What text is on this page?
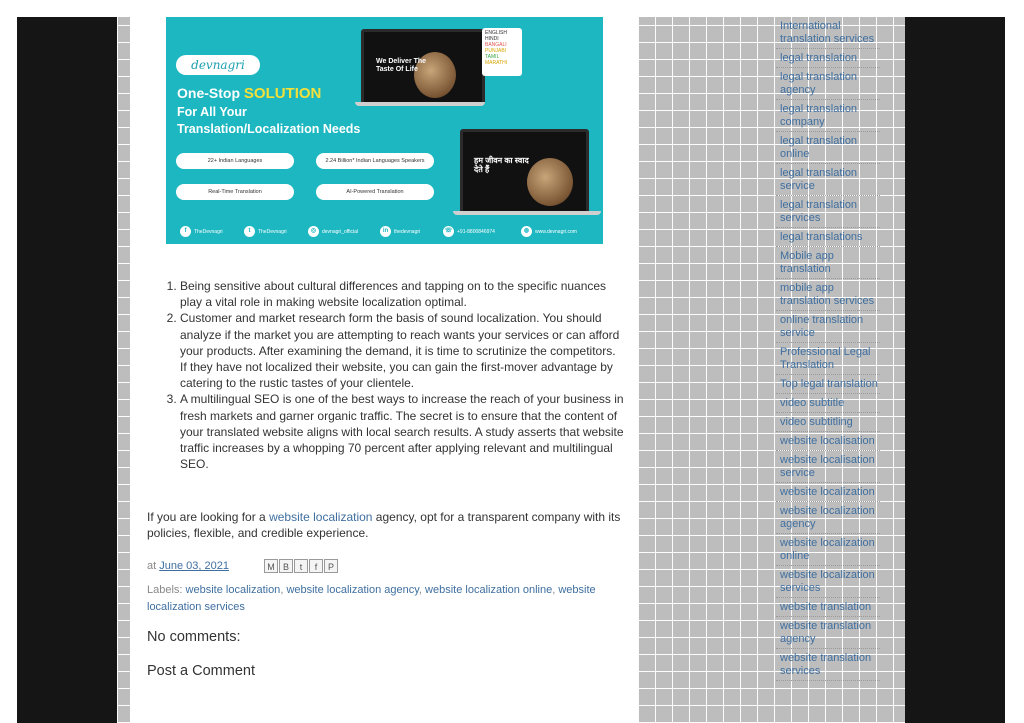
devnagri
One-Stop SOLUTION
For All Your
Translation/Localization Needs
22+ Indian Languages	2.24 Billion* Indian Languages Speakers
Real-Time Translation	AI-Powered Translation
We Deliver The Taste Of Life
हम जीवन का स्वाद देते हैं
ENGLISH
HINDI
BANGALI
PUNJABI
TAMIL
MARATHI
f	TheDevnagri	t	TheDevnagri	◎	devnagri_official	in	thedevnagri	☏ +91-8800846974	◍	www.devnagri.com
1. Being sensitive about cultural differences and tapping on to the specific nuances play a vital role in making website localization optimal.
2. Customer and market research form the basis of sound localization. You should analyze if the market you are attempting to reach wants your services or can afford your products. After examining the demand, it is time to scrutinize the competitors. If they have not localized their website, you can gain the first-mover advantage by catering to the rustic tastes of your clientele.
3. A multilingual SEO is one of the best ways to increase the reach of your business in fresh markets and garner organic traffic. The secret is to ensure that the content of your translated website aligns with local search results. A study asserts that website traffic increases by a whopping 70 percent after applying relevant and multilingual SEO.

If you are looking for a website localization agency, opt for a transparent company with its policies, flexible, and credible experience.

at June 03, 2021	M B	t	f	P

Labels: website localization, website localization agency, website localization online, website localization services

No comments:
Post a Comment
International translation services
legal translation
legal translation agency
legal translation company
legal translation online
legal translation service
legal translation services
legal translations
Mobile app translation
mobile app translation services
online translation service
Professional Legal Translation
Top legal translation
video subtitle
video subtitling
website localisation
website localisation service
website localization
website localization agency
website localization online
website localization services
website translation
website translation agency
website translation services
